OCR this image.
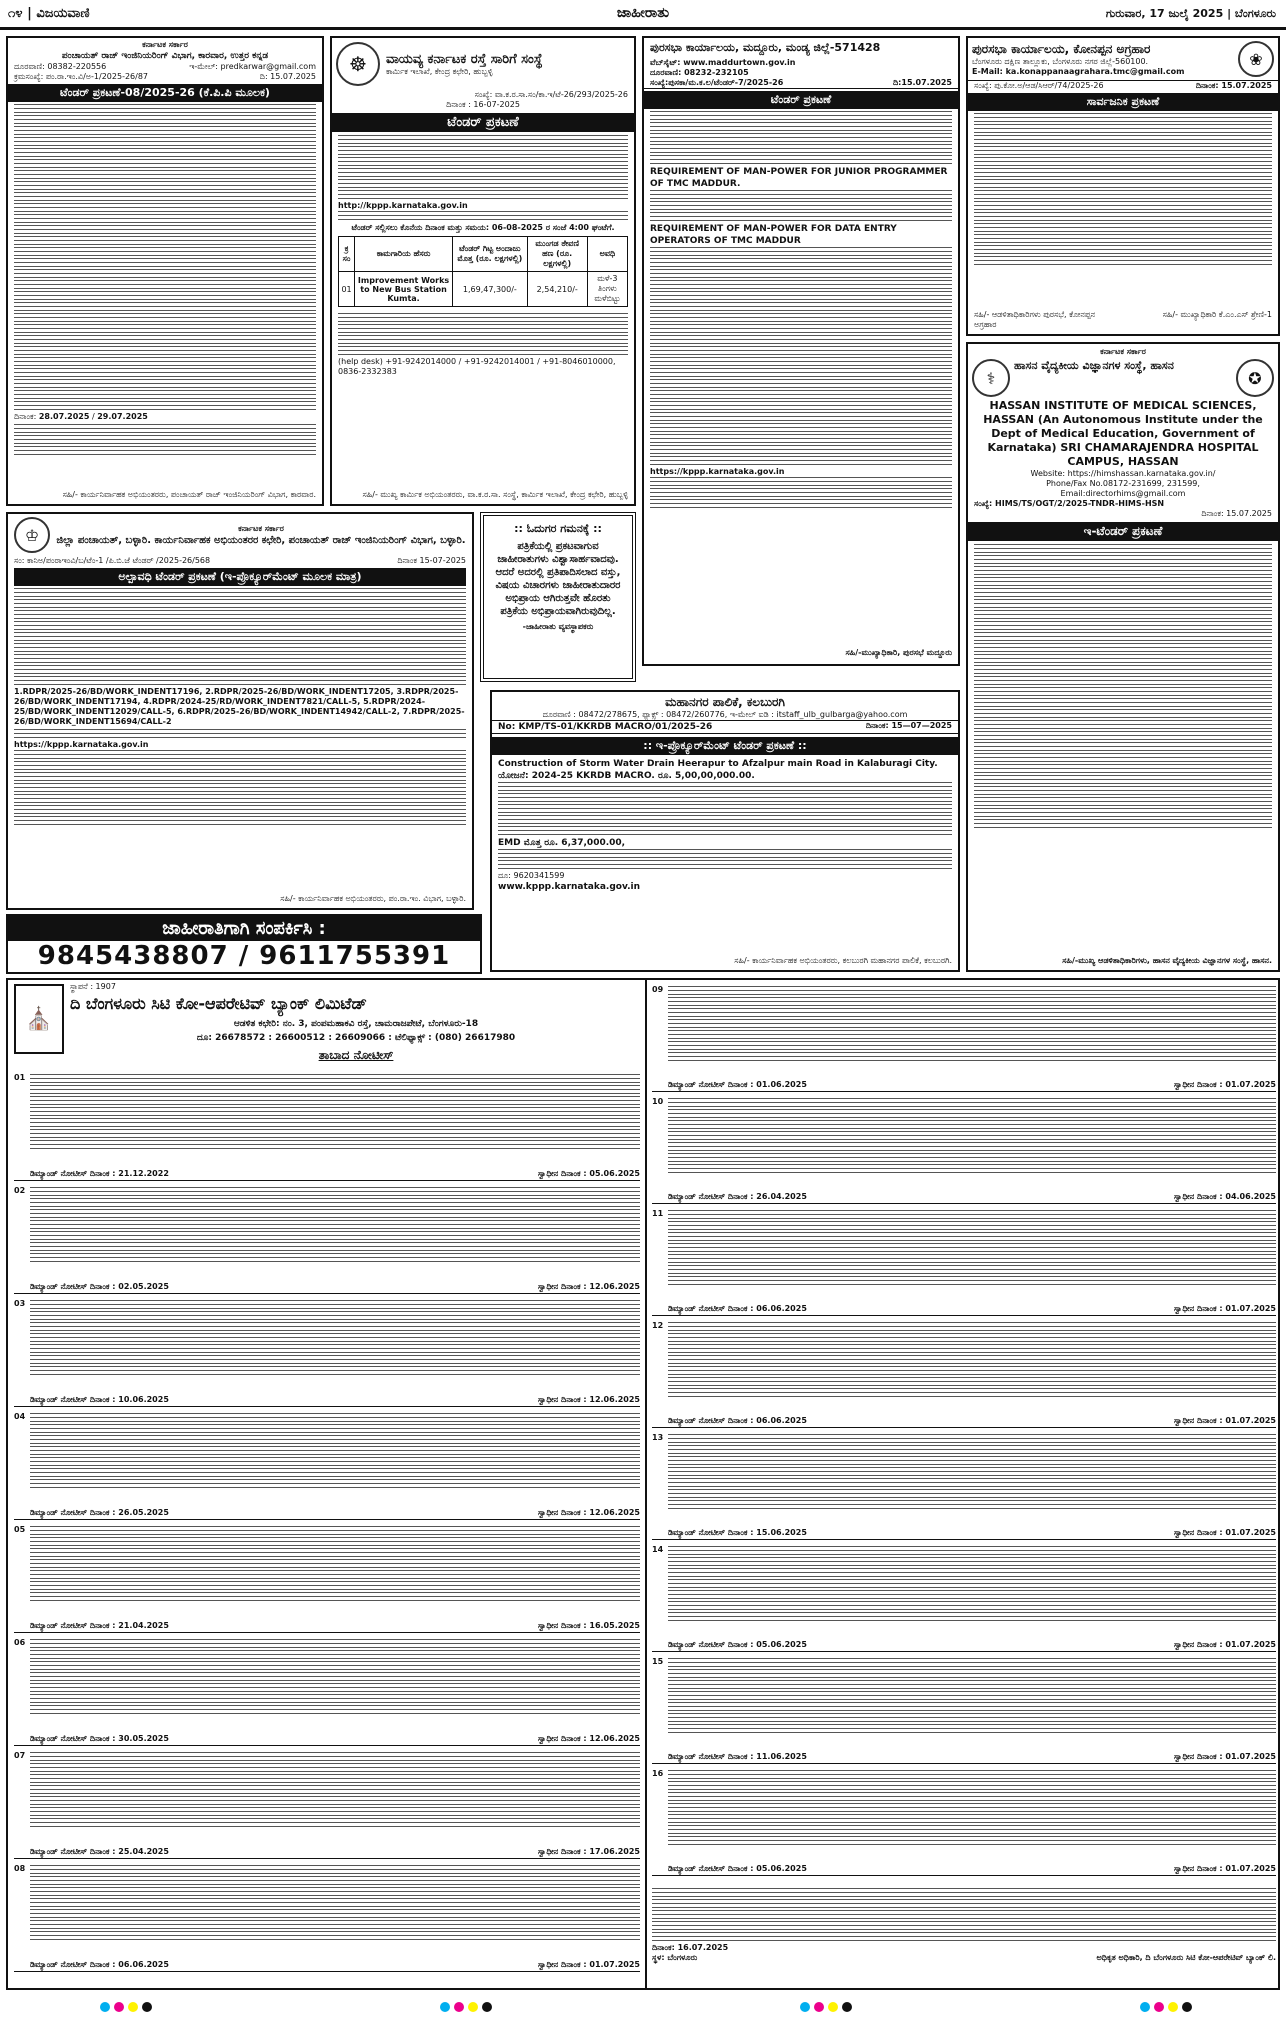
೧೪ | ವಿಜಯವಾಣಿ	ಜಾಹೀರಾತು	ಗುರುವಾರ, 17 ಜುಲೈ 2025 | ಬೆಂಗಳೂರು
ಕರ್ನಾಟಕ ಸರ್ಕಾರ
ಪಂಚಾಯತ್ ರಾಜ್ ಇಂಜಿನಿಯರಿಂಗ್ ವಿಭಾಗ, ಕಾರವಾರ, ಉತ್ತರ ಕನ್ನಡ
ದೂರವಾಣಿ: 08382-220556	ಇ-ಮೇಲ್: predkarwar@gmail.com
ಕ್ರಮಸಂಖ್ಯೆ: ಪಂ.ರಾ.ಇಂ.ವಿ/ಅ-1/2025-26/87	ದಿ: 15.07.2025
ಟೆಂಡರ್ ಪ್ರಕಟಣೆ-08/2025-26 (ಕೆ.ಪಿ.ಪಿ ಮೂಲಕ)
ದಿನಾಂಕ: 28.07.2025 / 29.07.2025
ಸಹಿ/- ಕಾರ್ಯನಿರ್ವಾಹಕ ಅಭಿಯಂತರರು, ಪಂಚಾಯತ್ ರಾಜ್ ಇಂಜಿನಿಯರಿಂಗ್ ವಿಭಾಗ, ಕಾರವಾರ.
☸	ವಾಯವ್ಯ ಕರ್ನಾಟಕ ರಸ್ತೆ ಸಾರಿಗೆ ಸಂಸ್ಥೆ
ಕಾರ್ಮಿಕ ಇಲಾಖೆ, ಕೇಂದ್ರ ಕಛೇರಿ, ಹುಬ್ಬಳ್ಳಿ
ಸಂಖ್ಯೆ: ವಾ.ಕ.ರ.ಸಾ.ಸಂ/ಕಾ.ಇ/ಟೆ-26/293/2025-26
ದಿನಾಂಕ : 16-07-2025
ಟೆಂಡರ್ ಪ್ರಕಟಣೆ
http://kppp.karnataka.gov.in
ಟೆಂಡರ್ ಸಲ್ಲಿಸಲು ಕೊನೆಯ ದಿನಾಂಕ ಮತ್ತು ಸಮಯ: 06-08-2025 ರ ಸಂಜೆ 4:00 ಘಂಟೆಗೆ.
ಕ್ರ ಸಂ	ಕಾಮಗಾರಿಯ ಹೆಸರು	ಟೆಂಡರ್ ಗಿಟ್ಟ ಅಂದಾಜು ಮೊತ್ತ (ರೂ. ಲಕ್ಷಗಳಲ್ಲಿ)	ಮುಂಗಡ ಠೇವಣಿ ಹಣ (ರೂ. ಲಕ್ಷಗಳಲ್ಲಿ)	ಅವಧಿ
01	Improvement Works to New Bus Station Kumta.	1,69,47,300/-	2,54,210/-	ಮಳೆ-3 ತಿಂಗಳು ಮಳೆಬಿಟ್ಟು
(help desk) +91-9242014000 / +91-9242014001 / +91-8046010000, 0836-2332383
ಸಹಿ/- ಮುಖ್ಯ ಕಾರ್ಮಿಕ ಅಭಿಯಂತರರು, ವಾ.ಕ.ರ.ಸಾ. ಸಂಸ್ಥೆ, ಕಾರ್ಮಿಕ ಇಲಾಖೆ, ಕೇಂದ್ರ ಕಛೇರಿ, ಹುಬ್ಬಳ್ಳಿ
ಪುರಸಭಾ ಕಾರ್ಯಾಲಯ, ಮದ್ದೂರು, ಮಂಡ್ಯ ಜಿಲ್ಲೆ-571428
ವೆಬ್‌ಸೈಟ್: www.maddurtown.gov.in
ದೂರವಾಣಿ: 08232-232105
ಸಂಖ್ಯೆ:ಪುಸಕಾ/ಮ.ಕ.ಲ/ಟೆಂಡರ್-7/2025-26	ದಿ:15.07.2025
ಟೆಂಡರ್ ಪ್ರಕಟಣೆ
REQUIREMENT OF MAN-POWER FOR JUNIOR PROGRAMMER OF TMC MADDUR.
REQUIREMENT OF MAN-POWER FOR DATA ENTRY OPERATORS OF TMC MADDUR
https://kppp.karnataka.gov.in
ಸಹಿ/-ಮುಖ್ಯಾಧಿಕಾರಿ, ಪುರಸಭೆ ಮದ್ದೂರು
ಪುರಸಭಾ ಕಾರ್ಯಾಲಯ, ಕೋನಪ್ಪನ ಅಗ್ರಹಾರ
ಬೆಂಗಳೂರು ದಕ್ಷಿಣ ತಾಲ್ಲೂಕು, ಬೆಂಗಳೂರು ನಗರ ಜಿಲ್ಲೆ-560100.
E-Mail: ka.konappanaagrahara.tmc@gmail.com
❀
ಸಂಖ್ಯೆ: ಪು.ಕೋ.ಅ/ಆಡ/ಸಿಆರ್/74/2025-26	ದಿನಾಂಕ: 15.07.2025
ಸಾರ್ವಜನಿಕ ಪ್ರಕಟಣೆ
ಸಹಿ/- ಆಡಳಿತಾಧಿಕಾರಿಗಳು ಪುರಸಭೆ, ಕೋನಪ್ಪನ ಅಗ್ರಹಾರ
ಸಹಿ/- ಮುಖ್ಯಾಧಿಕಾರಿ ಕೆ.ಎಂ.ಎಸ್ ಶ್ರೇಣಿ-1
ಕರ್ನಾಟಕ ಸರ್ಕಾರ
⚕
ಹಾಸನ ವೈದ್ಯಕೀಯ ವಿಜ್ಞಾನಗಳ ಸಂಸ್ಥೆ, ಹಾಸನ
✪
HASSAN INSTITUTE OF MEDICAL SCIENCES, HASSAN (An Autonomous Institute under the Dept of Medical Education, Government of Karnataka) SRI CHAMARAJENDRA HOSPITAL CAMPUS, HASSAN
Website: https://himshassan.karnataka.gov.in/
Phone/Fax No.08172-231699, 231599,
Email:directorhims@gmail.com
ಸಂಖ್ಯೆ: HIMS/TS/OGT/2/2025-TNDR-HIMS-HSN
ದಿನಾಂಕ: 15.07.2025
ಇ-ಟೆಂಡರ್ ಪ್ರಕಟಣೆ
ಸಹಿ/-ಮುಖ್ಯ ಆಡಳಿತಾಧಿಕಾರಿಗಳು, ಹಾಸನ ವೈದ್ಯಕೀಯ ವಿಜ್ಞಾನಗಳ ಸಂಸ್ಥೆ, ಹಾಸನ.
♔	ಕರ್ನಾಟಕ ಸರ್ಕಾರ
ಜಿಲ್ಲಾ ಪಂಚಾಯತ್, ಬಳ್ಳಾರಿ. ಕಾರ್ಯನಿರ್ವಾಹಕ ಅಭಿಯಂತರರ ಕಛೇರಿ, ಪಂಚಾಯತ್ ರಾಜ್ ಇಂಜಿನಿಯರಿಂಗ್ ವಿಭಾಗ, ಬಳ್ಳಾರಿ.
ಸಂ: ಕಾನಿಅ/ಪಂರಾಇಂವಿ/ಬ/ಟೆಂ-1 /ಪಿ.ಬಿ.ಜೆ ಟೆಂಡರ್ /2025-26/568	ದಿನಾಂಕ 15-07-2025
ಅಲ್ಪಾವಧಿ ಟೆಂಡರ್ ಪ್ರಕಟಣೆ (ಇ-ಪ್ರೊಕ್ಯೂರ್‌ಮೆಂಟ್ ಮೂಲಕ ಮಾತ್ರ)
1.RDPR/2025-26/BD/WORK_INDENT17196, 2.RDPR/2025-26/BD/WORK_INDENT17205, 3.RDPR/2025-26/BD/WORK_INDENT17194, 4.RDPR/2024-25/RD/WORK_INDENT7821/CALL-5, 5.RDPR/2024-25/BD/WORK_INDENT12029/CALL-5, 6.RDPR/2025-26/BD/WORK_INDENT14942/CALL-2, 7.RDPR/2025-26/BD/WORK_INDENT15694/CALL-2
https://kppp.karnataka.gov.in
ಸಹಿ/- ಕಾರ್ಯನಿರ್ವಾಹಕ ಅಭಿಯಂತರರು, ಪಂ.ರಾ.ಇಂ. ವಿಭಾಗ, ಬಳ್ಳಾರಿ.
:: ಓದುಗರ ಗಮನಕ್ಕೆ ::
ಪತ್ರಿಕೆಯಲ್ಲಿ ಪ್ರಕಟವಾಗುವ ಜಾಹೀರಾತುಗಳು ವಿಶ್ವಾಸಾರ್ಹವಾದವು. ಆದರೆ ಅದರಲ್ಲಿ ಪ್ರತಿಪಾದಿಸಲಾದ ವಸ್ತು, ವಿಷಯ ವಿಚಾರಗಳು ಜಾಹೀರಾತುದಾರರ ಅಭಿಪ್ರಾಯ ಆಗಿರುತ್ತವೇ ಹೊರತು ಪತ್ರಿಕೆಯ ಅಭಿಪ್ರಾಯವಾಗಿರುವುದಿಲ್ಲ.
-ಜಾಹೀರಾತು ವ್ಯವಸ್ಥಾಪಕರು
ಮಹಾನಗರ ಪಾಲಿಕೆ, ಕಲಬುರಗಿ
ದೂರವಾಣಿ : 08472/278675, ಫ್ಯಾಕ್ಸ್ : 08472/260776, ಇ-ಮೇಲ್ ಐಡಿ : itstaff_ulb_gulbarga@yahoo.com
No: KMP/TS-01/KKRDB MACRO/01/2025-26	ದಿನಾಂಕ: 15—07—2025
:: ಇ-ಪ್ರೊಕ್ಯೂರ್‌ಮೆಂಟ್ ಟೆಂಡರ್ ಪ್ರಕಟಣೆ ::
Construction of Storm Water Drain Heerapur to Afzalpur main Road in Kalaburagi City.
ಯೋಜನೆ: 2024-25 KKRDB MACRO. ರೂ. 5,00,00,000.00.
EMD ಮೊತ್ತ ರೂ. 6,37,000.00,
ದೂ: 9620341599
www.kppp.karnataka.gov.in
ಸಹಿ/- ಕಾರ್ಯನಿರ್ವಾಹಕ ಅಭಿಯಂತರರು, ಕಲಬುರಗಿ ಮಹಾನಗರ ಪಾಲಿಕೆ, ಕಲಬುರಗಿ.
ಜಾಹೀರಾತಿಗಾಗಿ ಸಂಪರ್ಕಿಸಿ :
9845438807 / 9611755391
⛪
ಸ್ಥಾಪನೆ : 1907
ದಿ ಬೆಂಗಳೂರು ಸಿಟಿ ಕೋ-ಆಪರೇಟಿವ್ ಬ್ಯಾಂಕ್ ಲಿಮಿಟೆಡ್
ಆಡಳಿತ ಕಛೇರಿ: ನಂ. 3, ಪಂಪಮಹಾಕವಿ ರಸ್ತೆ, ಚಾಮರಾಜಪೇಟೆ, ಬೆಂಗಳೂರು-18
ದೂ: 26678572 : 26600512 : 26609066 : ಟೆಲಿಫ್ಯಾಕ್ಸ್ : (080) 26617980
ತಾಬಾದ ನೋಟೀಸ್
01
ಡಿಮ್ಯಾಂಡ್ ನೋಟೀಸ್ ದಿನಾಂಕ : 21.12.2022	ಸ್ವಾಧೀನ ದಿನಾಂಕ : 05.06.2025
02
ಡಿಮ್ಯಾಂಡ್ ನೋಟೀಸ್ ದಿನಾಂಕ : 02.05.2025	ಸ್ವಾಧೀನ ದಿನಾಂಕ : 12.06.2025
03
ಡಿಮ್ಯಾಂಡ್ ನೋಟೀಸ್ ದಿನಾಂಕ : 10.06.2025	ಸ್ವಾಧೀನ ದಿನಾಂಕ : 12.06.2025
04
ಡಿಮ್ಯಾಂಡ್ ನೋಟೀಸ್ ದಿನಾಂಕ : 26.05.2025	ಸ್ವಾಧೀನ ದಿನಾಂಕ : 12.06.2025
05
ಡಿಮ್ಯಾಂಡ್ ನೋಟೀಸ್ ದಿನಾಂಕ : 21.04.2025	ಸ್ವಾಧೀನ ದಿನಾಂಕ : 16.05.2025
06
ಡಿಮ್ಯಾಂಡ್ ನೋಟೀಸ್ ದಿನಾಂಕ : 30.05.2025	ಸ್ವಾಧೀನ ದಿನಾಂಕ : 12.06.2025
07
ಡಿಮ್ಯಾಂಡ್ ನೋಟೀಸ್ ದಿನಾಂಕ : 25.04.2025	ಸ್ವಾಧೀನ ದಿನಾಂಕ : 17.06.2025
08
ಡಿಮ್ಯಾಂಡ್ ನೋಟೀಸ್ ದಿನಾಂಕ : 06.06.2025	ಸ್ವಾಧೀನ ದಿನಾಂಕ : 01.07.2025
09
ಡಿಮ್ಯಾಂಡ್ ನೋಟೀಸ್ ದಿನಾಂಕ : 01.06.2025	ಸ್ವಾಧೀನ ದಿನಾಂಕ : 01.07.2025
10
ಡಿಮ್ಯಾಂಡ್ ನೋಟೀಸ್ ದಿನಾಂಕ : 26.04.2025	ಸ್ವಾಧೀನ ದಿನಾಂಕ : 04.06.2025
11
ಡಿಮ್ಯಾಂಡ್ ನೋಟೀಸ್ ದಿನಾಂಕ : 06.06.2025	ಸ್ವಾಧೀನ ದಿನಾಂಕ : 01.07.2025
12
ಡಿಮ್ಯಾಂಡ್ ನೋಟೀಸ್ ದಿನಾಂಕ : 06.06.2025	ಸ್ವಾಧೀನ ದಿನಾಂಕ : 01.07.2025
13
ಡಿಮ್ಯಾಂಡ್ ನೋಟೀಸ್ ದಿನಾಂಕ : 15.06.2025	ಸ್ವಾಧೀನ ದಿನಾಂಕ : 01.07.2025
14
ಡಿಮ್ಯಾಂಡ್ ನೋಟೀಸ್ ದಿನಾಂಕ : 05.06.2025	ಸ್ವಾಧೀನ ದಿನಾಂಕ : 01.07.2025
15
ಡಿಮ್ಯಾಂಡ್ ನೋಟೀಸ್ ದಿನಾಂಕ : 11.06.2025	ಸ್ವಾಧೀನ ದಿನಾಂಕ : 01.07.2025
16
ಡಿಮ್ಯಾಂಡ್ ನೋಟೀಸ್ ದಿನಾಂಕ : 05.06.2025	ಸ್ವಾಧೀನ ದಿನಾಂಕ : 01.07.2025
ದಿನಾಂಕ: 16.07.2025
ಸ್ಥಳ: ಬೆಂಗಳೂರು	ಅಧಿಕೃತ ಅಧಿಕಾರಿ, ದಿ ಬೆಂಗಳೂರು ಸಿಟಿ ಕೋ-ಆಪರೇಟಿವ್ ಬ್ಯಾಂಕ್ ಲಿ.
